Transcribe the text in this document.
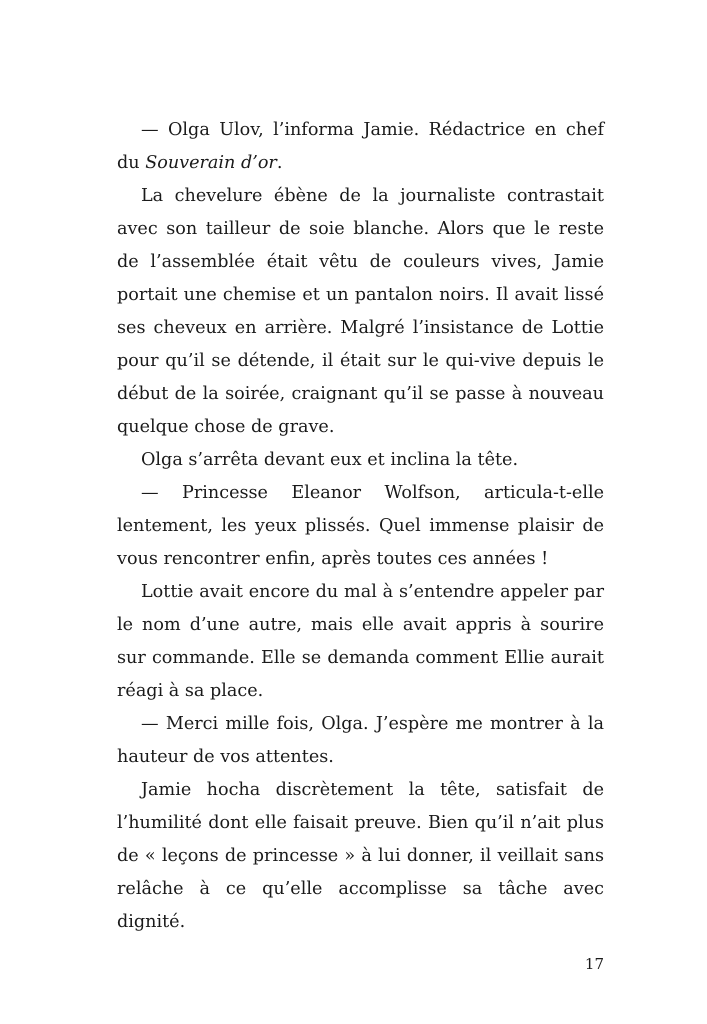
— Olga Ulov, l’informa Jamie. Rédactrice en chef du Souverain d’or.

La chevelure ébène de la journaliste contrastait avec son tailleur de soie blanche. Alors que le reste de l’assemblée était vêtu de couleurs vives, Jamie portait une chemise et un pantalon noirs. Il avait lissé ses cheveux en arrière. Malgré l’insistance de Lottie pour qu’il se détende, il était sur le qui-vive depuis le début de la soirée, craignant qu’il se passe à nouveau quelque chose de grave.

Olga s’arrêta devant eux et inclina la tête.

— Princesse Eleanor Wolfson, articula-t-elle lentement, les yeux plissés. Quel immense plaisir de vous rencontrer enfin, après toutes ces années !

Lottie avait encore du mal à s’entendre appeler par le nom d’une autre, mais elle avait appris à sourire sur commande. Elle se demanda comment Ellie aurait réagi à sa place.

— Merci mille fois, Olga. J’espère me montrer à la hauteur de vos attentes.

Jamie hocha discrètement la tête, satisfait de l’humilité dont elle faisait preuve. Bien qu’il n’ait plus de « leçons de princesse » à lui donner, il veillait sans relâche à ce qu’elle accomplisse sa tâche avec dignité.

17
